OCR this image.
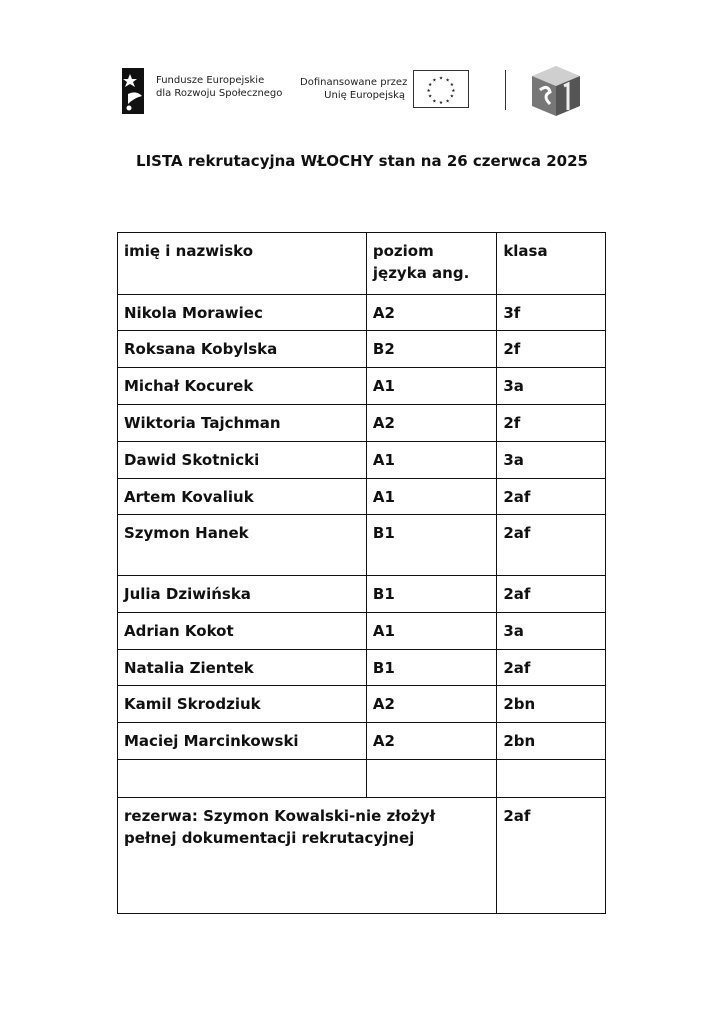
Fundusze Europejskie
dla Rozwoju Społecznego
Dofinansowane przez
Unię Europejską
★ ★
★
★
★
★
★
★
★
★
★
★
LISTA rekrutacyjna WŁOCHY stan na 26 czerwca 2025
imię i nazwisko	poziom języka ang.	klasa
Nikola Morawiec	A2	3f
Roksana Kobylska	B2	2f
Michał Kocurek	A1	3a
Wiktoria Tajchman	A2	2f
Dawid Skotnicki	A1	3a
Artem Kovaliuk	A1	2af
Szymon Hanek	B1	2af
Julia Dziwińska	B1	2af
Adrian Kokot	A1	3a
Natalia Zientek	B1	2af
Kamil Skrodziuk	A2	2bn
Maciej Marcinkowski	A2	2bn

rezerwa: Szymon Kowalski-nie złożył
pełnej dokumentacji rekrutacyjnej		2af
